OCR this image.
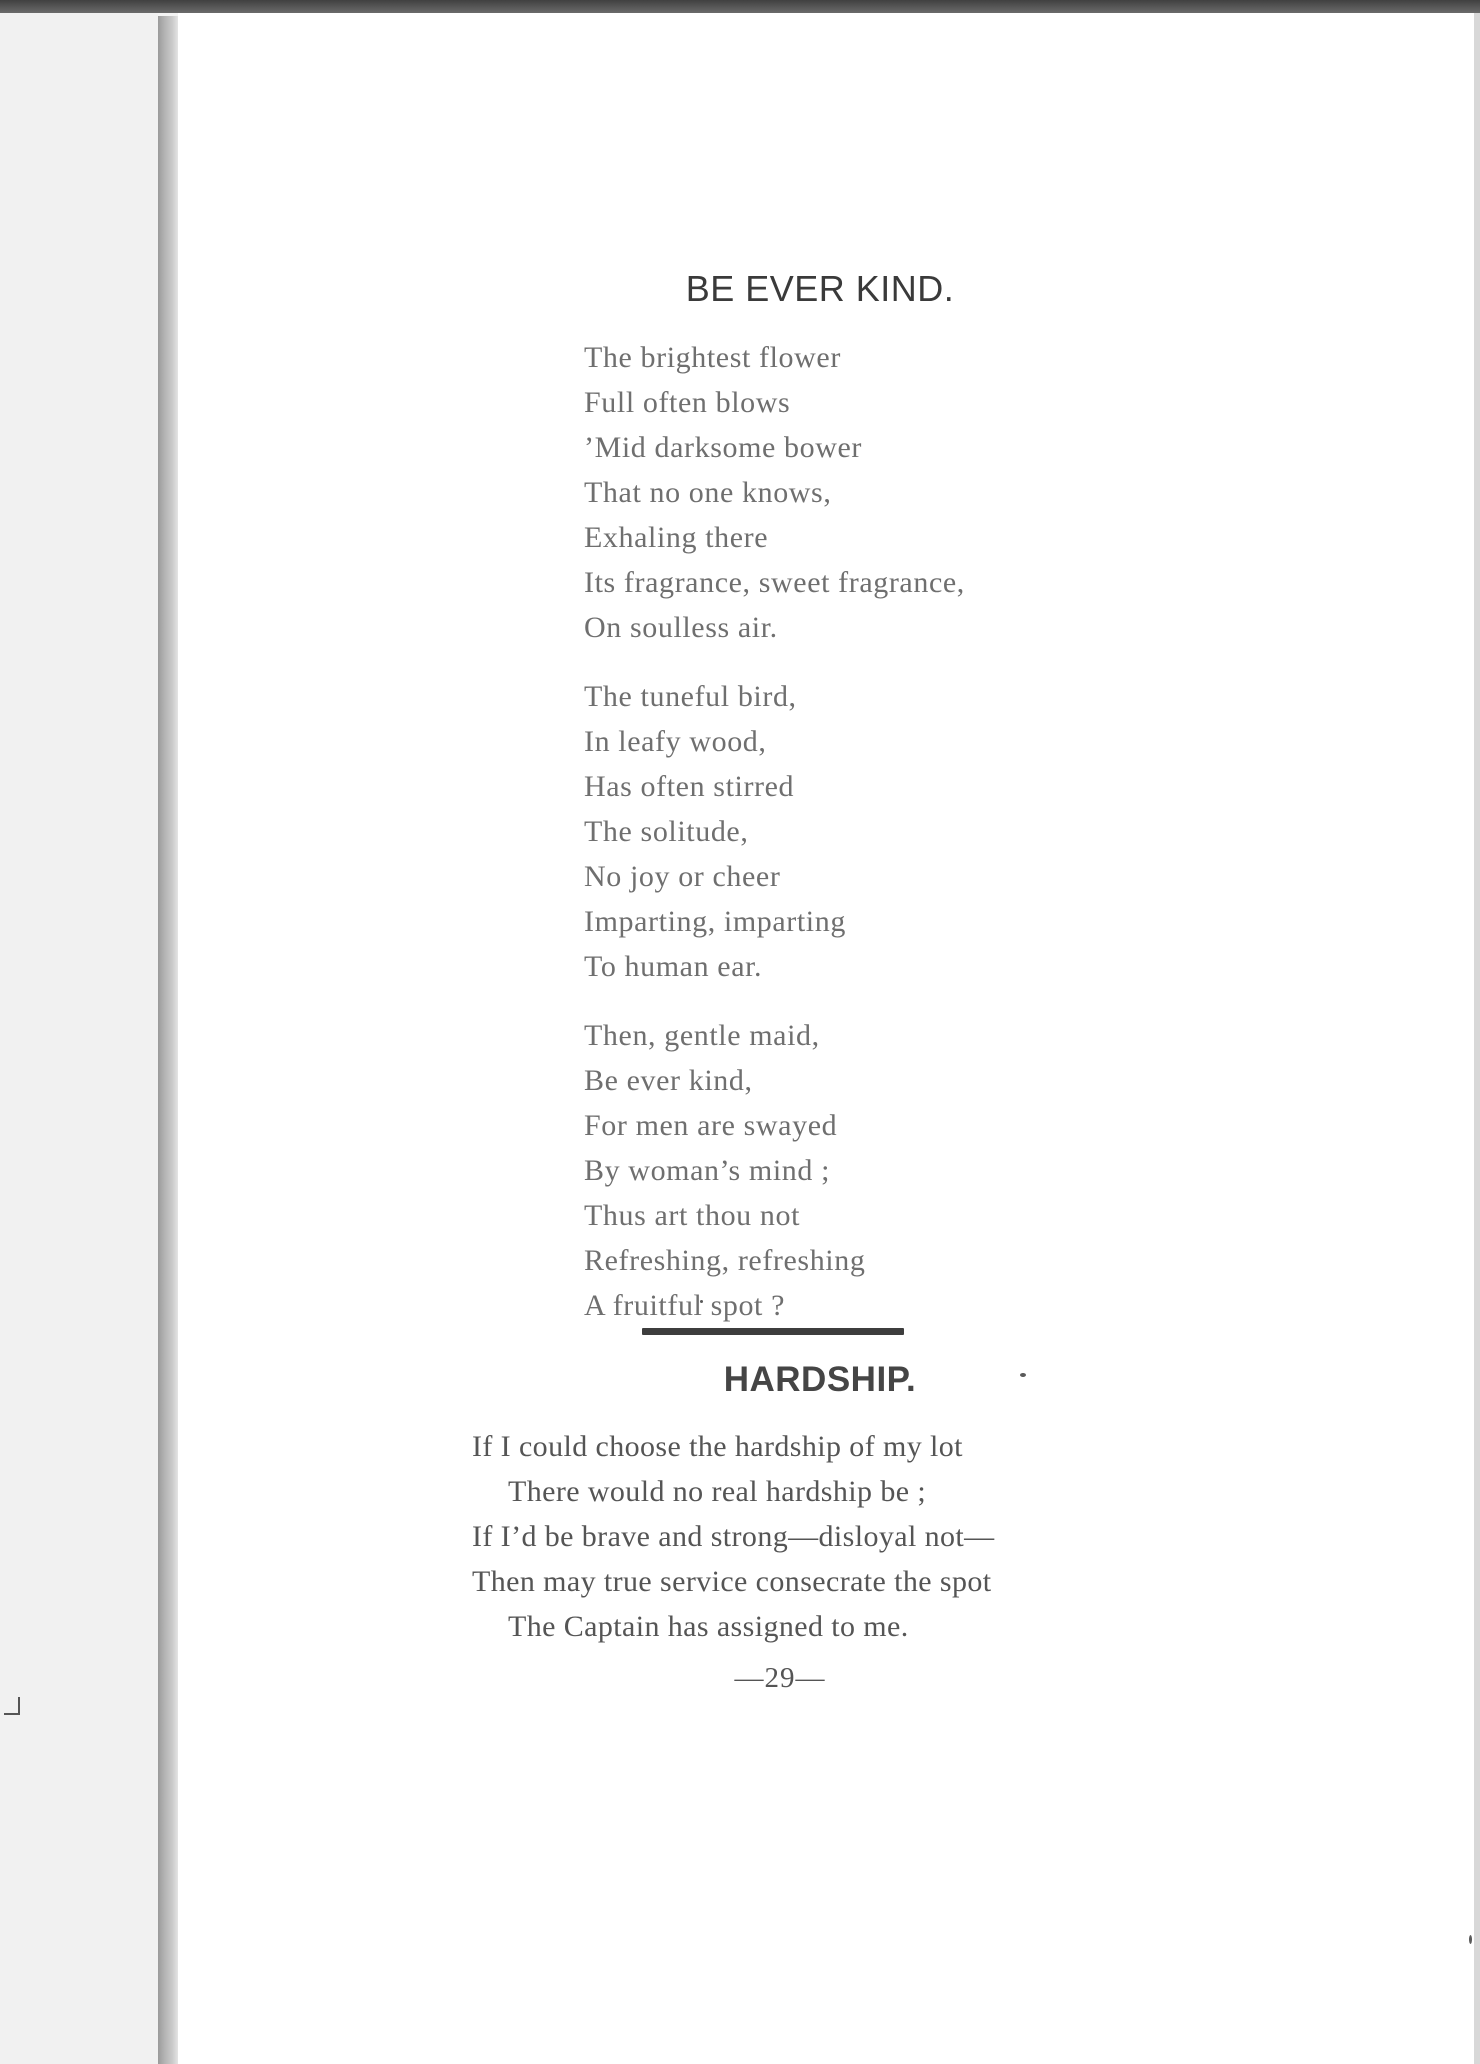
BE EVER KIND.
The brightest flower
Full often blows
’Mid darksome bower
That no one knows,
Exhaling there
Its fragrance, sweet fragrance,
On soulless air.
The tuneful bird,
In leafy wood,
Has often stirred
The solitude,
No joy or cheer
Imparting, imparting
To human ear.
Then, gentle maid,
Be ever kind,
For men are swayed
By woman’s mind ;
Thus art thou not
Refreshing, refreshing
A fruitful spot ?
HARDSHIP.
If I could choose the hardship of my lot
There would no real hardship be ;
If I’d be brave and strong—disloyal not—
Then may true service consecrate the spot
The Captain has assigned to me.
—29—
